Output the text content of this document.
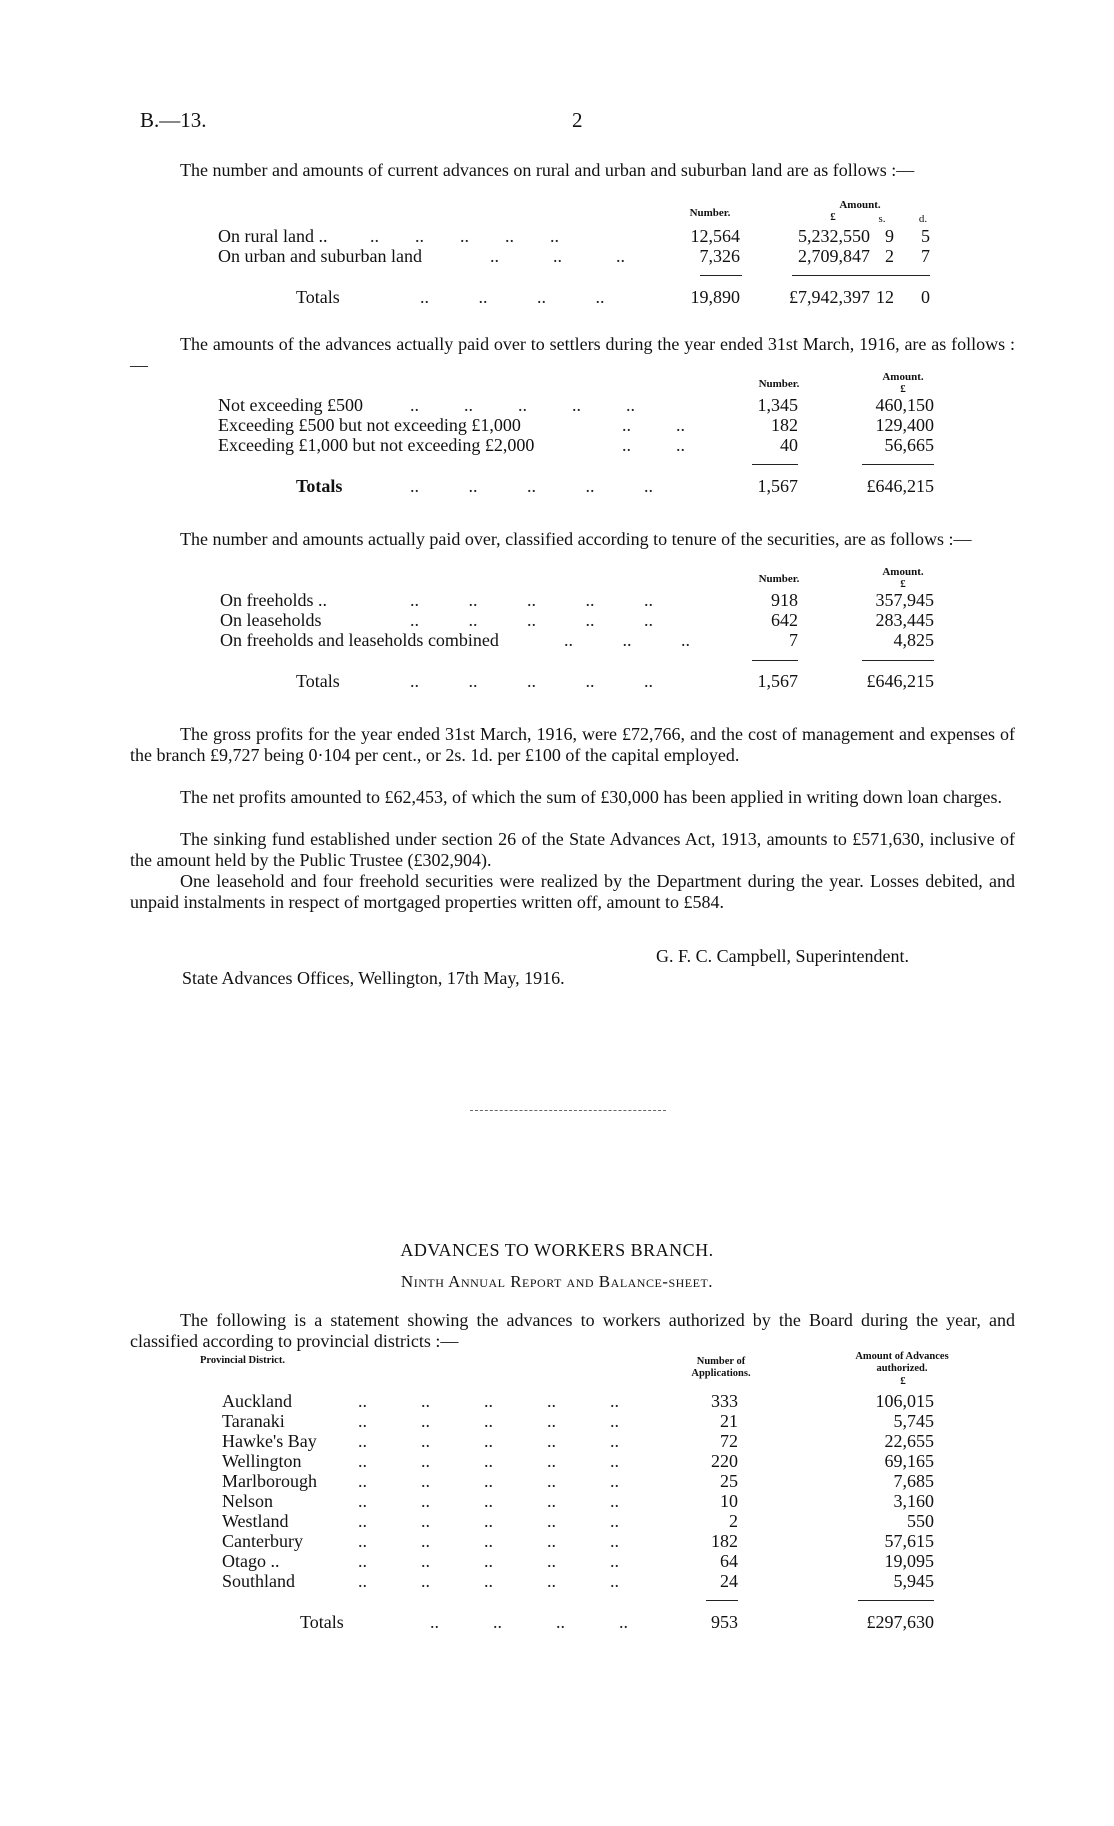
B.—13.	2
The number and amounts of current advances on rural and urban and suburban land are as follows :—
Number.
Amount.
£	s.	d.
On rural land .. ..        ..        ..        ..        ..	12,564	5,232,550 9	5
On urban and suburban land	..            ..            ..	7,326	2,709,847 2	7
Totals	..           ..           ..           ..	19,890	£7,942,397 12	0
The amounts of the advances actually paid over to settlers during the year ended 31st March, 1916, are as follows :—
Number.
Amount.
£
Not exceeding £500	..          ..          ..          ..          ..	1,345	460,150
Exceeding £500 but not exceeding £1,000	..          ..	182	129,400
Exceeding £1,000 but not exceeding £2,000	..          ..	40	56,665
Totals	..           ..           ..           ..           ..	1,567	£646,215
The number and amounts actually paid over, classified according to tenure of the securities, are as follows :—
Number.
Amount.
£
On freeholds ..	..           ..           ..           ..           ..	918	357,945
On leaseholds	..           ..           ..           ..           ..	642	283,445
On freeholds and leaseholds combined	..           ..           ..	7	4,825
Totals	..           ..           ..           ..           ..	1,567	£646,215
The gross profits for the year ended 31st March, 1916, were £72,766, and the cost of management and expenses of the branch £9,727 being 0·104 per cent., or 2s. 1d. per £100 of the capital employed.
The net profits amounted to £62,453, of which the sum of £30,000 has been applied in writing down loan charges.
The sinking fund established under section 26 of the State Advances Act, 1913, amounts to £571,630, inclusive of the amount held by the Public Trustee (£302,904).
One leasehold and four freehold securities were realized by the Department during the year. Losses debited, and unpaid instalments in respect of mortgaged properties written off, amount to £584.
G. F. C. Campbell, Superintendent.
State Advances Offices, Wellington, 17th May, 1916.
ADVANCES TO WORKERS BRANCH.
Ninth Annual Report and Balance-sheet.
The following is a statement showing the advances to workers authorized by the Board during the year, and classified according to provincial districts :—
Provincial District.	Number of Applications.
Amount of Advances authorized.
£
Auckland	..            ..            ..            ..            ..	333	106,015
Taranaki	..            ..            ..            ..            ..	21	5,745
Hawke's Bay ..            ..            ..            ..            ..	72	22,655
Wellington	..            ..            ..            ..            ..	220	69,165
Marlborough ..            ..            ..            ..            ..	25	7,685
Nelson	..            ..            ..            ..            ..	10	3,160
Westland	..            ..            ..            ..            ..	2	550
Canterbury	..            ..            ..            ..            ..	182	57,615
Otago ..	..            ..            ..            ..            ..	64	19,095
Southland	..            ..            ..            ..            ..	24	5,945
Totals	..            ..            ..            ..	953	£297,630
